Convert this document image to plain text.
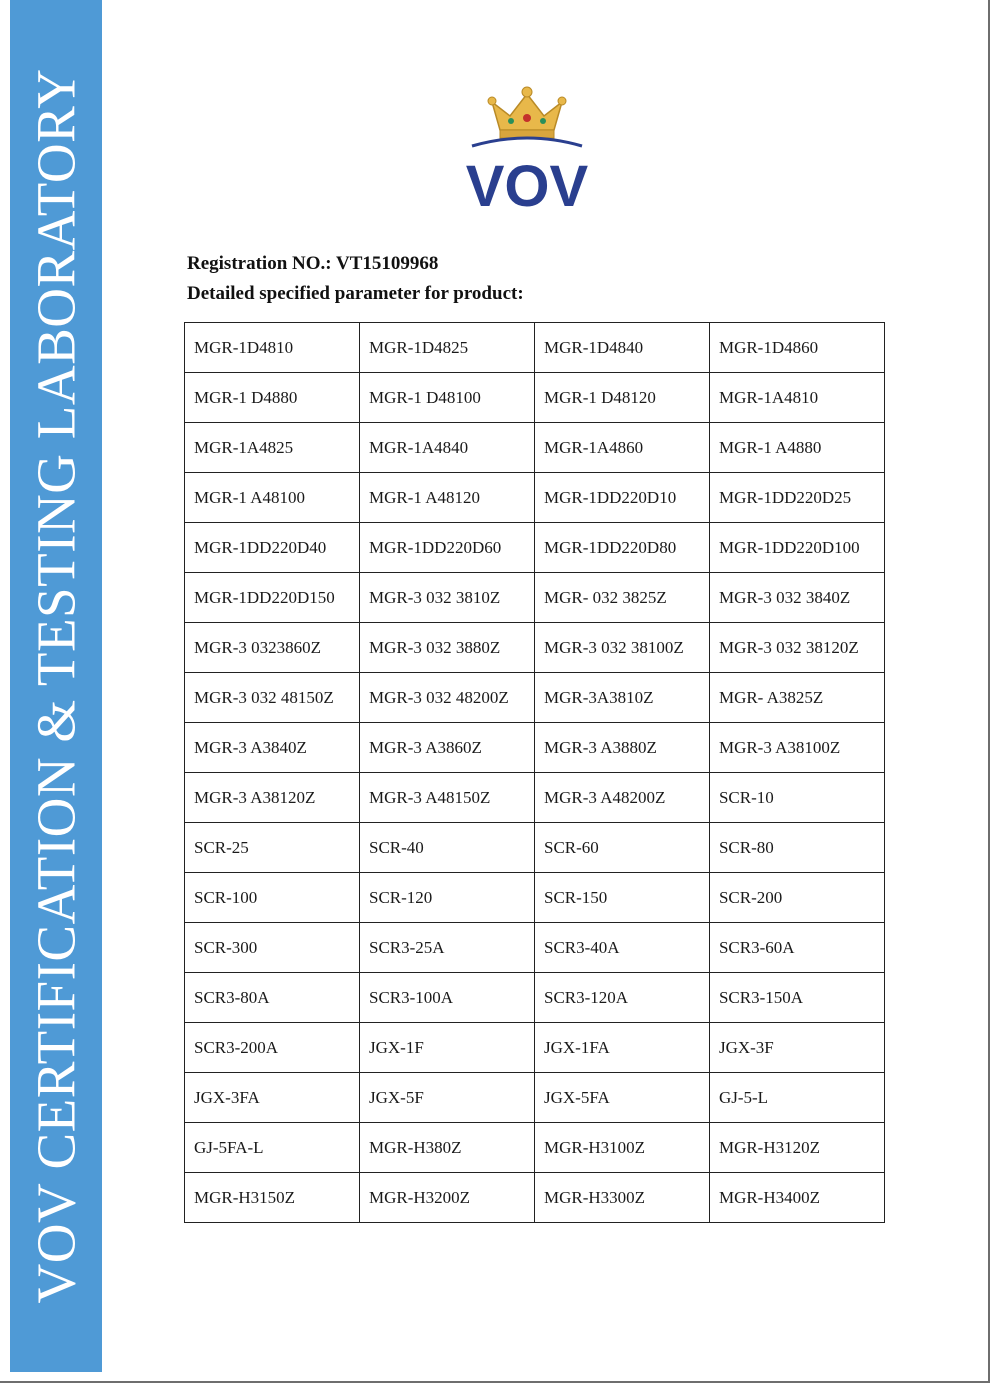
VOV CERTIFICATION & TESTING LABORATORY	VOV
Registration NO.: VT15109968
Detailed specified parameter for product:
MGR-1D4810	MGR-1D4825	MGR-1D4840	MGR-1D4860
MGR-1 D4880	MGR-1 D48100	MGR-1 D48120	MGR-1A4810
MGR-1A4825	MGR-1A4840	MGR-1A4860	MGR-1 A4880
MGR-1 A48100	MGR-1 A48120	MGR-1DD220D10	MGR-1DD220D25
MGR-1DD220D40	MGR-1DD220D60	MGR-1DD220D80	MGR-1DD220D100
MGR-1DD220D150	MGR-3 032 3810Z	MGR- 032 3825Z	MGR-3 032 3840Z
MGR-3 0323860Z	MGR-3 032 3880Z	MGR-3 032 38100Z	MGR-3 032 38120Z
MGR-3 032 48150Z	MGR-3 032 48200Z	MGR-3A3810Z	MGR- A3825Z
MGR-3 A3840Z	MGR-3 A3860Z	MGR-3 A3880Z	MGR-3 A38100Z
MGR-3 A38120Z	MGR-3 A48150Z	MGR-3 A48200Z	SCR-10
SCR-25	SCR-40	SCR-60	SCR-80
SCR-100	SCR-120	SCR-150	SCR-200
SCR-300	SCR3-25A	SCR3-40A	SCR3-60A
SCR3-80A	SCR3-100A	SCR3-120A	SCR3-150A
SCR3-200A	JGX-1F	JGX-1FA	JGX-3F
JGX-3FA	JGX-5F	JGX-5FA	GJ-5-L
GJ-5FA-L	MGR-H380Z	MGR-H3100Z	MGR-H3120Z
MGR-H3150Z	MGR-H3200Z	MGR-H3300Z	MGR-H3400Z
